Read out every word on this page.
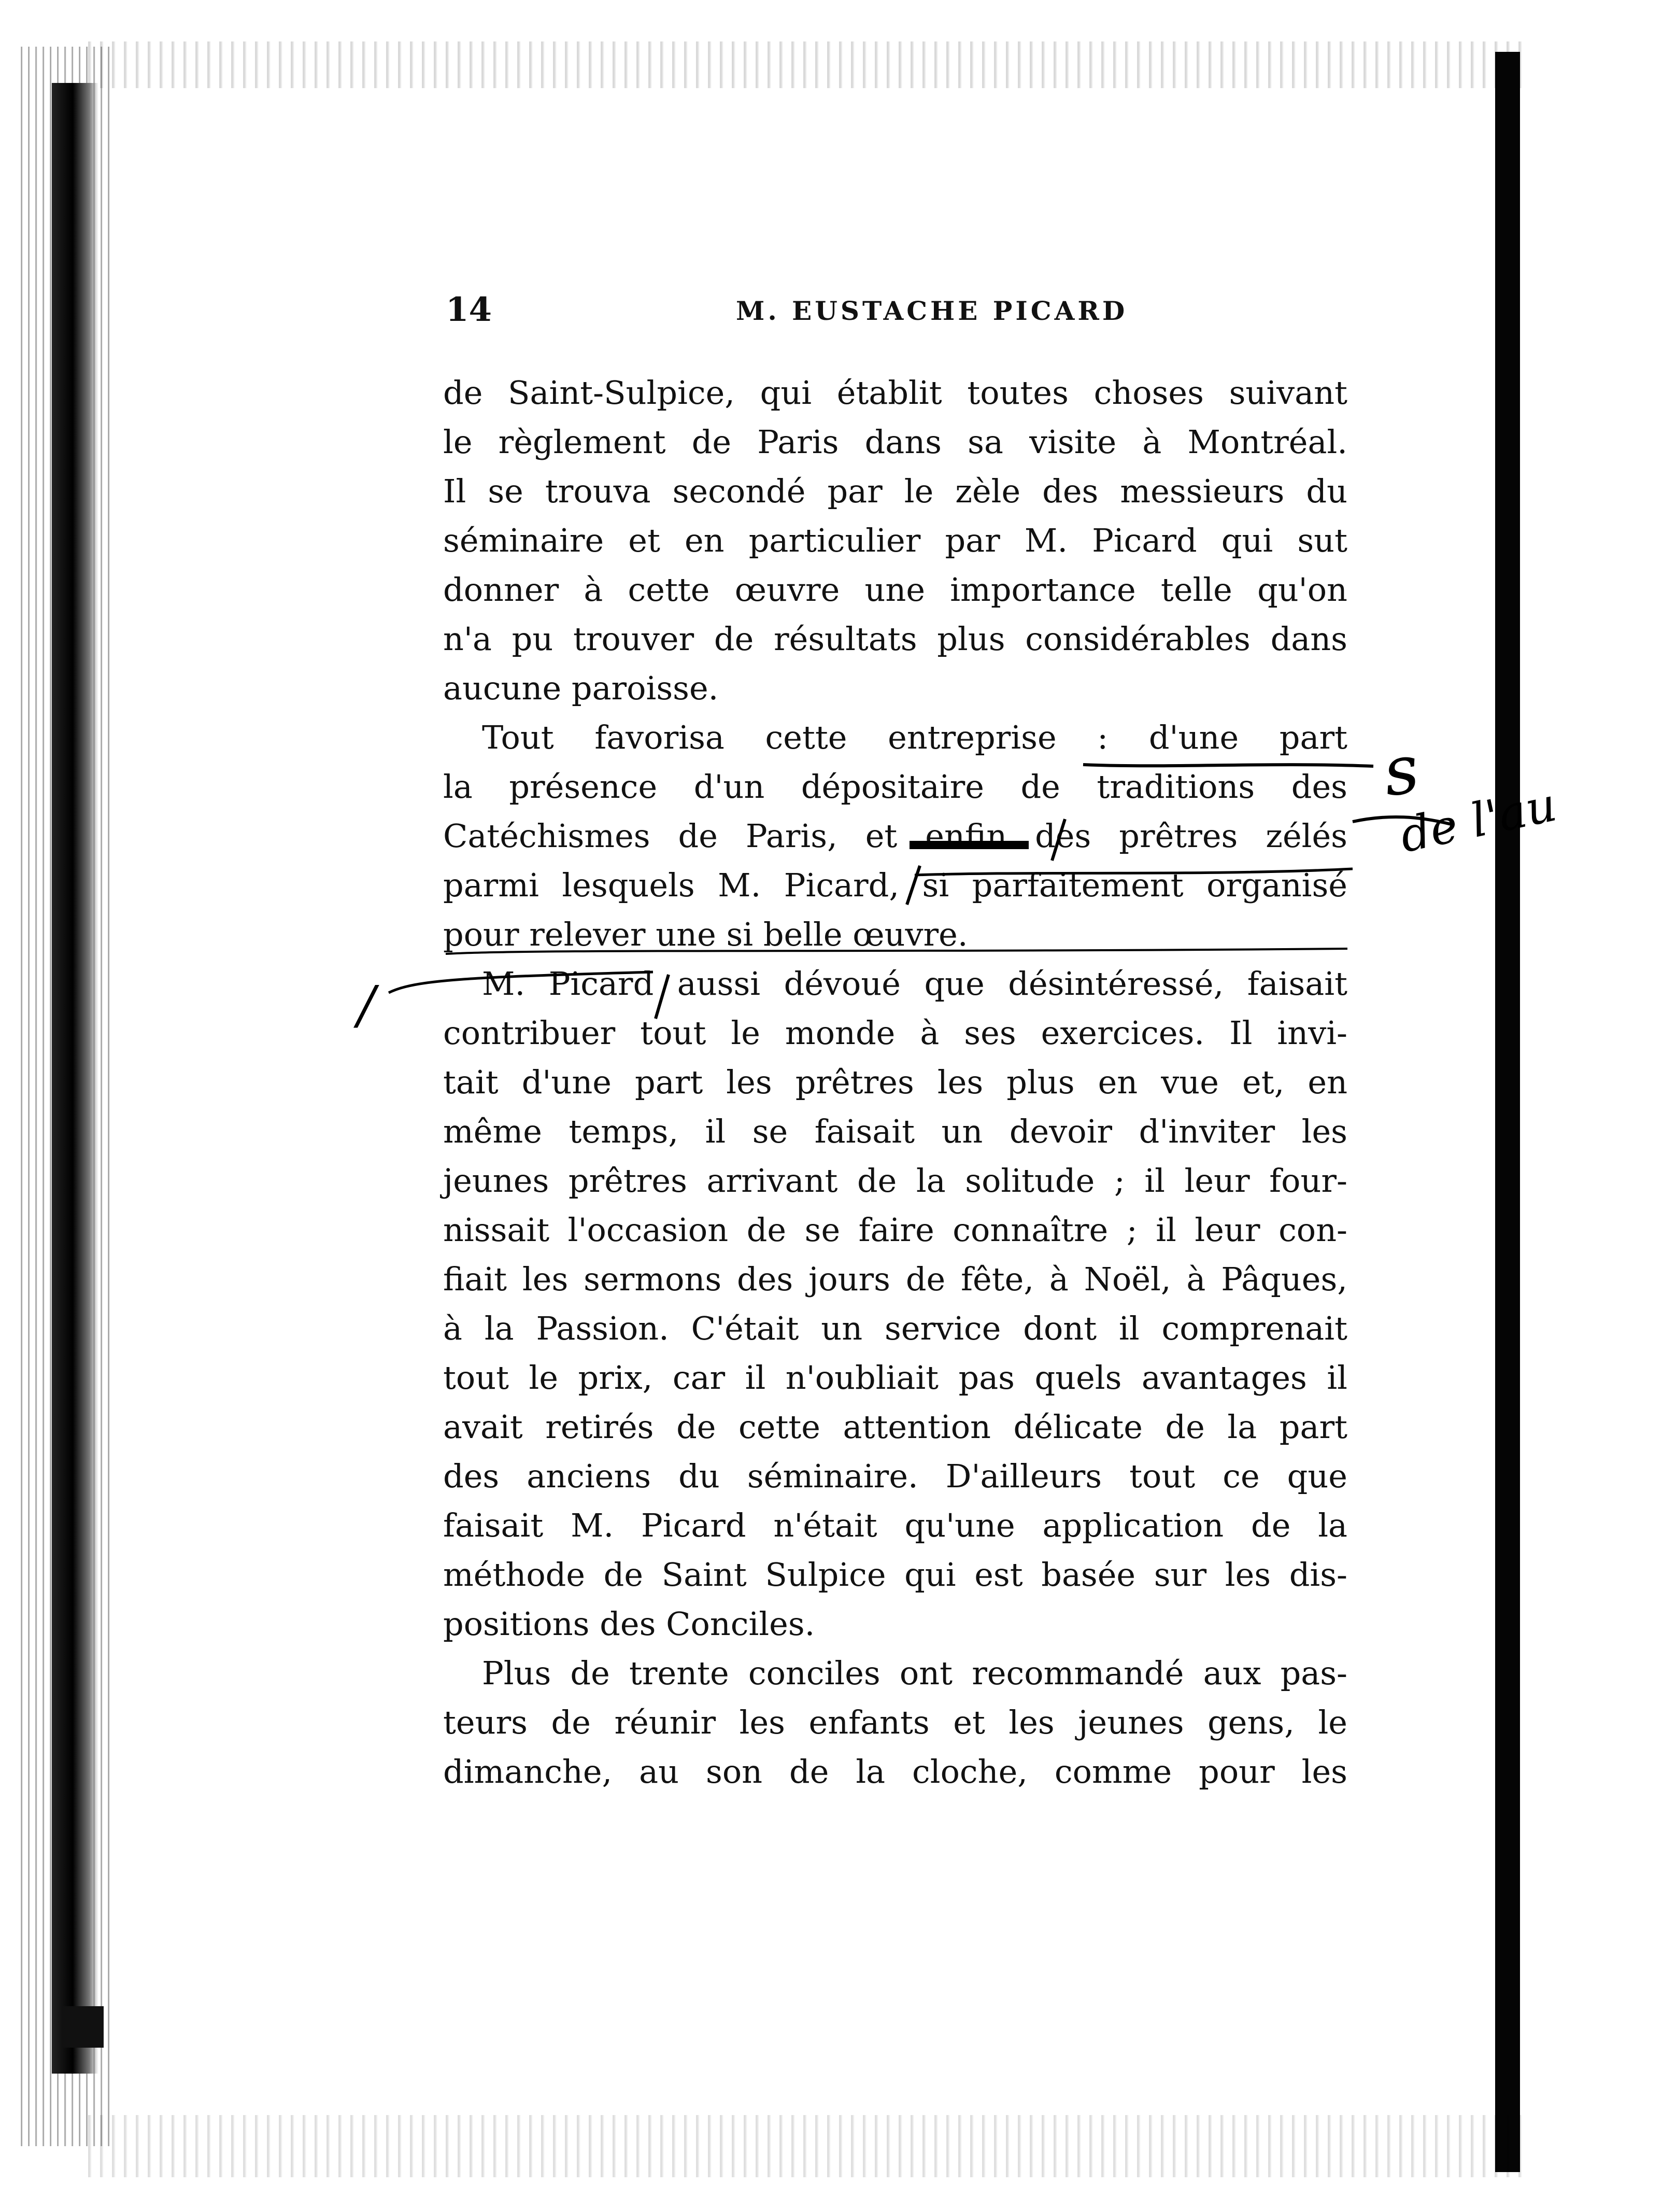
14	M. EUSTACHE PICARD
de Saint-Sulpice, qui établit toutes choses suivant
le règlement de Paris dans sa visite à Montréal.
Il se trouva secondé par le zèle des messieurs du
séminaire et en particulier par M. Picard qui sut
donner à cette œuvre une importance telle qu'on
n'a pu trouver de résultats plus considérables dans
aucune paroisse.
Tout favorisa cette entreprise : d'une part
la présence d'un dépositaire de traditions des
Catéchismes de Paris, et enfin des prêtres zélés
parmi lesquels M. Picard, si parfaitement organisé
pour relever une si belle œuvre.
M. Picard aussi dévoué que désintéressé, faisait
contribuer tout le monde à ses exercices. Il invi-
tait d'une part les prêtres les plus en vue et, en
même temps, il se faisait un devoir d'inviter les
jeunes prêtres arrivant de la solitude ; il leur four-
nissait l'occasion de se faire connaître ; il leur con-
fiait les sermons des jours de fête, à Noël, à Pâques,
à la Passion. C'était un service dont il comprenait
tout le prix, car il n'oubliait pas quels avantages il
avait retirés de cette attention délicate de la part
des anciens du séminaire. D'ailleurs tout ce que
faisait M. Picard n'était qu'une application de la
méthode de Saint Sulpice qui est basée sur les dis-
positions des Conciles.
Plus de trente conciles ont recommandé aux pas-
teurs de réunir les enfants et les jeunes gens, le
dimanche, au son de la cloche, comme pour les
s
de l'au
/
